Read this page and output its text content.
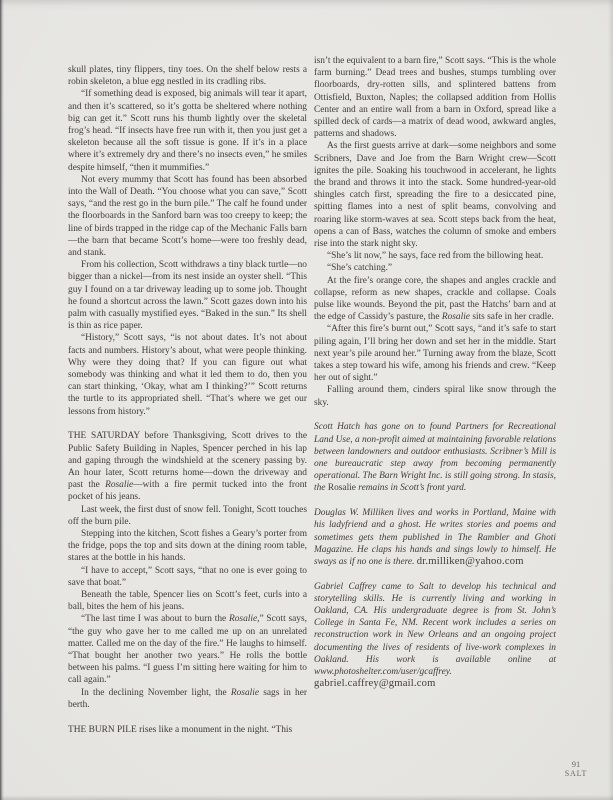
skull plates, tiny flippers, tiny toes. On the shelf below rests a robin skeleton, a blue egg nestled in its cradling ribs.

“If something dead is exposed, big animals will tear it apart, and then it’s scattered, so it’s gotta be sheltered where nothing big can get it.” Scott runs his thumb lightly over the skeletal frog’s head. “If insects have free run with it, then you just get a skeleton because all the soft tissue is gone. If it’s in a place where it’s extremely dry and there’s no insects even,” he smiles despite himself, “then it mummifies.”

Not every mummy that Scott has found has been absorbed into the Wall of Death. “You choose what you can save,” Scott says, “and the rest go in the burn pile.” The calf he found under the floorboards in the Sanford barn was too creepy to keep; the line of birds trapped in the ridge cap of the Mechanic Falls barn—the barn that became Scott’s home—were too freshly dead, and stank.

From his collection, Scott withdraws a tiny black turtle—no bigger than a nickel—from its nest inside an oyster shell. “This guy I found on a tar driveway leading up to some job. Thought he found a shortcut across the lawn.” Scott gazes down into his palm with casually mystified eyes. “Baked in the sun.” Its shell is thin as rice paper.

“History,” Scott says, “is not about dates. It’s not about facts and numbers. History’s about, what were people thinking. Why were they doing that? If you can figure out what somebody was thinking and what it led them to do, then you can start thinking, ‘Okay, what am I thinking?’” Scott returns the turtle to its appropriated shell. “That’s where we get our lessons from history.”

THE SATURDAY before Thanksgiving, Scott drives to the Public Safety Building in Naples, Spencer perched in his lap and gaping through the windshield at the scenery passing by. An hour later, Scott returns home—down the driveway and past the Rosalie—with a fire permit tucked into the front pocket of his jeans.

Last week, the first dust of snow fell. Tonight, Scott touches off the burn pile.

Stepping into the kitchen, Scott fishes a Geary’s porter from the fridge, pops the top and sits down at the dining room table, stares at the bottle in his hands.

“I have to accept,” Scott says, “that no one is ever going to save that boat.”

Beneath the table, Spencer lies on Scott’s feet, curls into a ball, bites the hem of his jeans.

“The last time I was about to burn the Rosalie,” Scott says, “the guy who gave her to me called me up on an unrelated matter. Called me on the day of the fire.” He laughs to himself. “That bought her another two years.” He rolls the bottle between his palms. “I guess I’m sitting here waiting for him to call again.”

In the declining November light, the Rosalie sags in her berth.

THE BURN PILE rises like a monument in the night. “This

isn’t the equivalent to a barn fire,” Scott says. “This is the whole farm burning.” Dead trees and bushes, stumps tumbling over floorboards, dry-rotten sills, and splintered battens from Ottisfield, Buxton, Naples; the collapsed addition from Hollis Center and an entire wall from a barn in Oxford, spread like a spilled deck of cards—a matrix of dead wood, awkward angles, patterns and shadows.

As the first guests arrive at dark—some neighbors and some Scribners, Dave and Joe from the Barn Wright crew—Scott ignites the pile. Soaking his touchwood in accelerant, he lights the brand and throws it into the stack. Some hundred-year-old shingles catch first, spreading the fire to a desiccated pine, spitting flames into a nest of split beams, convolving and roaring like storm-waves at sea. Scott steps back from the heat, opens a can of Bass, watches the column of smoke and embers rise into the stark night sky.

“She’s lit now,” he says, face red from the billowing heat.

“She’s catching.”

At the fire’s orange core, the shapes and angles crackle and collapse, reform as new shapes, crackle and collapse. Coals pulse like wounds. Beyond the pit, past the Hatchs’ barn and at the edge of Cassidy’s pasture, the Rosalie sits safe in her cradle.

“After this fire’s burnt out,” Scott says, “and it’s safe to start piling again, I’ll bring her down and set her in the middle. Start next year’s pile around her.” Turning away from the blaze, Scott takes a step toward his wife, among his friends and crew. “Keep her out of sight.”

Falling around them, cinders spiral like snow through the sky.

Scott Hatch has gone on to found Partners for Recreational Land Use, a non-profit aimed at maintaining favorable relations between landowners and outdoor enthusiasts. Scribner’s Mill is one bureaucratic step away from becoming permanently operational. The Barn Wright Inc. is still going strong. In stasis, the Rosalie remains in Scott’s front yard.

Douglas W. Milliken lives and works in Portland, Maine with his ladyfriend and a ghost. He writes stories and poems and sometimes gets them published in The Rambler and Ghoti Magazine. He claps his hands and sings lowly to himself. He sways as if no one is there. dr.milliken@yahoo.com

Gabriel Caffrey came to Salt to develop his technical and storytelling skills. He is currently living and working in Oakland, CA. His undergraduate degree is from St. John’s College in Santa Fe, NM. Recent work includes a series on reconstruction work in New Orleans and an ongoing project documenting the lives of residents of live-work complexes in Oakland. His work is available online at www.photoshelter.com/user/gcaffrey. gabriel.caffrey@gmail.com

91
SALT
